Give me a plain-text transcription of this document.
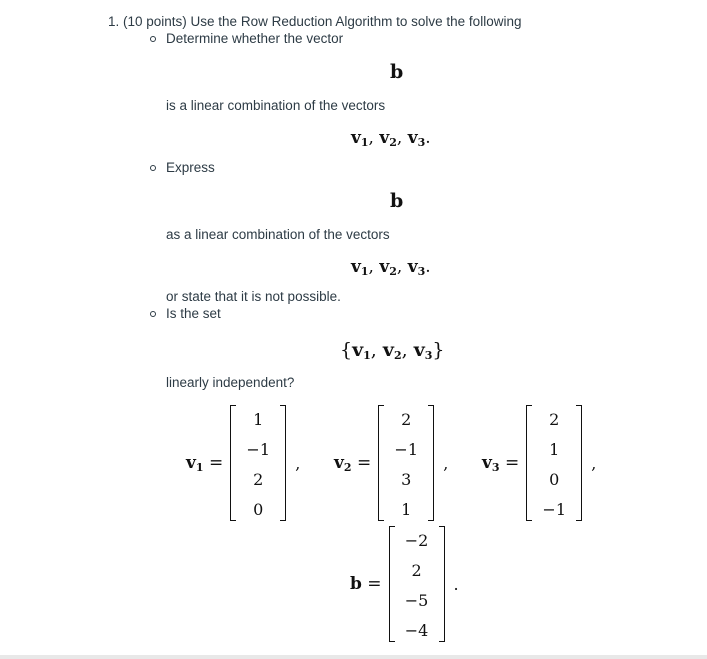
1. (10 points) Use the Row Reduction Algorithm to solve the following
Determine whether the vector
b
is a linear combination of the vectors
v1, v2, v3.
Express
b
as a linear combination of the vectors
v1, v2, v3.
or state that it is not possible.
Is the set
{v1, v2, v3}
linearly independent?
v1 =
1
−1
2
0
, v2 =
2
−1
3
1
, v3 =
2
1
0
−1
,
b =
−2
2
−5
−4
.
